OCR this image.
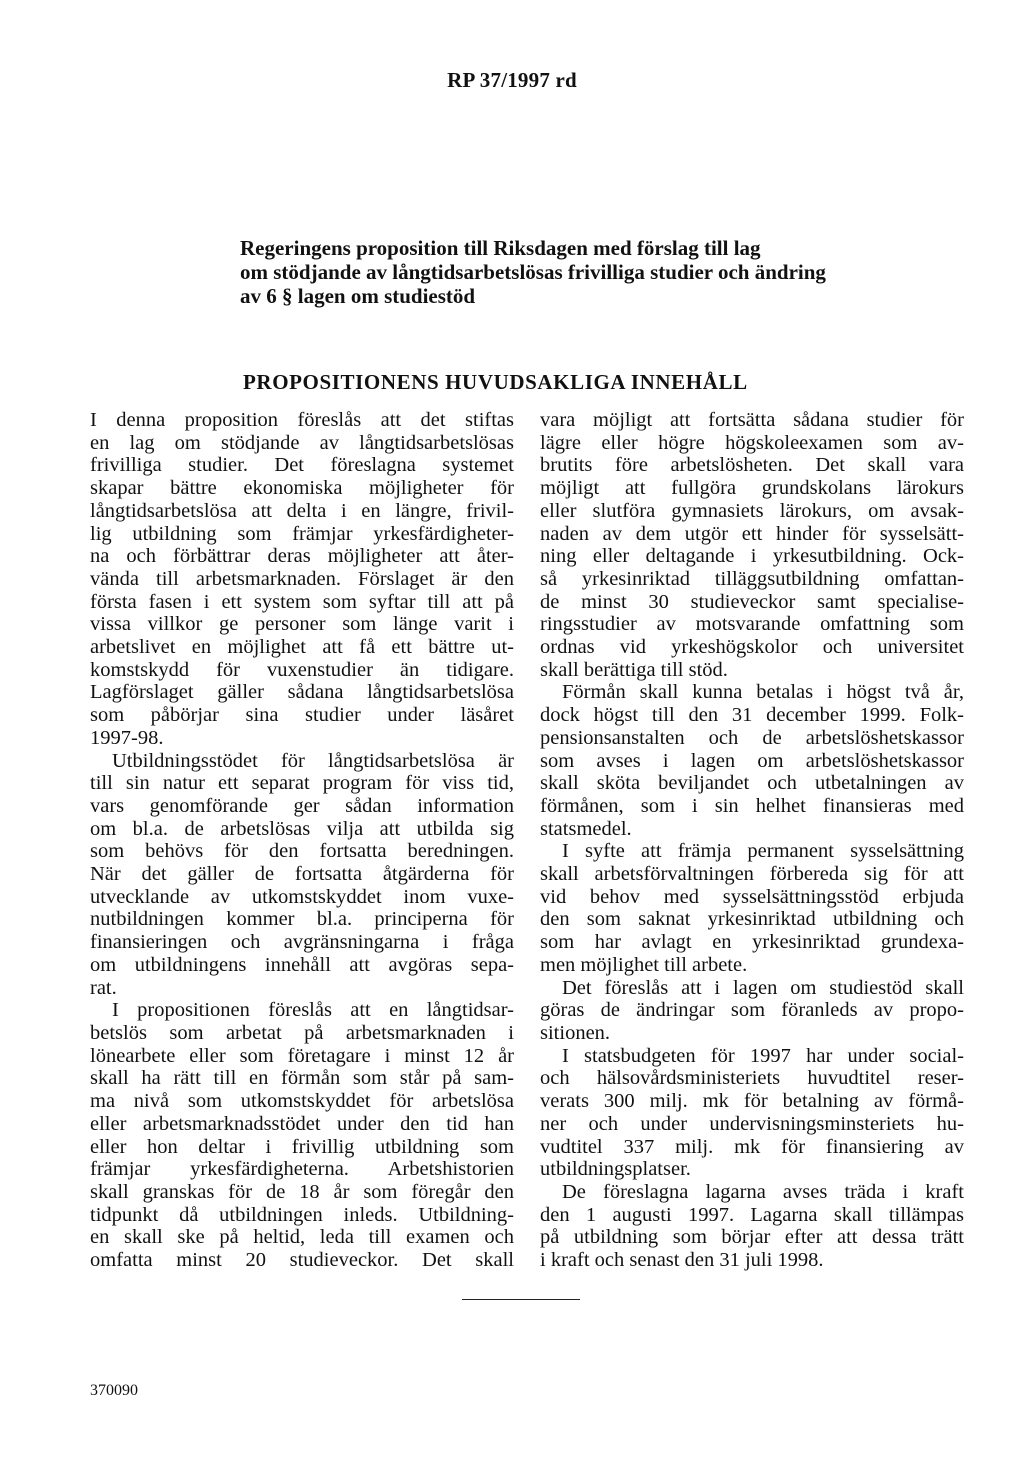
RP 37/1997 rd
Regeringens proposition till Riksdagen med förslag till lag
om stödjande av långtidsarbetslösas frivilliga studier och ändring
av 6 § lagen om studiestöd
PROPOSITIONENS HUVUDSAKLIGA INNEHÅLL
I denna proposition föreslås att det stiftas
en lag om stödjande av långtidsarbetslösas
frivilliga studier. Det föreslagna systemet
skapar bättre ekonomiska möjligheter för
långtidsarbetslösa att delta i en längre, frivil-
lig utbildning som främjar yrkesfärdigheter-
na och förbättrar deras möjligheter att åter-
vända till arbetsmarknaden. Förslaget är den
första fasen i ett system som syftar till att på
vissa villkor ge personer som länge varit i
arbetslivet en möjlighet att få ett bättre ut-
komstskydd för vuxenstudier än tidigare.
Lagförslaget gäller sådana långtidsarbetslösa
som påbörjar sina studier under läsåret
1997-98.
Utbildningsstödet för långtidsarbetslösa är
till sin natur ett separat program för viss tid,
vars genomförande ger sådan information
om bl.a. de arbetslösas vilja att utbilda sig
som behövs för den fortsatta beredningen.
När det gäller de fortsatta åtgärderna för
utvecklande av utkomstskyddet inom vuxe-
nutbildningen kommer bl.a. principerna för
finansieringen och avgränsningarna i fråga
om utbildningens innehåll att avgöras sepa-
rat.
I propositionen föreslås att en långtidsar-
betslös som arbetat på arbetsmarknaden i
lönearbete eller som företagare i minst 12 år
skall ha rätt till en förmån som står på sam-
ma nivå som utkomstskyddet för arbetslösa
eller arbetsmarknadsstödet under den tid han
eller hon deltar i frivillig utbildning som
främjar yrkesfärdigheterna. Arbetshistorien
skall granskas för de 18 år som föregår den
tidpunkt då utbildningen inleds. Utbildning-
en skall ske på heltid, leda till examen och
omfatta minst 20 studieveckor. Det skall
vara möjligt att fortsätta sådana studier för
lägre eller högre högskoleexamen som av-
brutits före arbetslösheten. Det skall vara
möjligt att fullgöra grundskolans lärokurs
eller slutföra gymnasiets lärokurs, om avsak-
naden av dem utgör ett hinder för sysselsätt-
ning eller deltagande i yrkesutbildning. Ock-
så yrkesinriktad tilläggsutbildning omfattan-
de minst 30 studieveckor samt specialise-
ringsstudier av motsvarande omfattning som
ordnas vid yrkeshögskolor och universitet
skall berättiga till stöd.
Förmån skall kunna betalas i högst två år,
dock högst till den 31 december 1999. Folk-
pensionsanstalten och de arbetslöshetskassor
som avses i lagen om arbetslöshetskassor
skall sköta beviljandet och utbetalningen av
förmånen, som i sin helhet finansieras med
statsmedel.
I syfte att främja permanent sysselsättning
skall arbetsförvaltningen förbereda sig för att
vid behov med sysselsättningsstöd erbjuda
den som saknat yrkesinriktad utbildning och
som har avlagt en yrkesinriktad grundexa-
men möjlighet till arbete.
Det föreslås att i lagen om studiestöd skall
göras de ändringar som föranleds av propo-
sitionen.
I statsbudgeten för 1997 har under social-
och hälsovårdsministeriets huvudtitel reser-
verats 300 milj. mk för betalning av förmå-
ner och under undervisningsminsteriets hu-
vudtitel 337 milj. mk för finansiering av
utbildningsplatser.
De föreslagna lagarna avses träda i kraft
den 1 augusti 1997. Lagarna skall tillämpas
på utbildning som börjar efter att dessa trätt
i kraft och senast den 31 juli 1998.
370090
